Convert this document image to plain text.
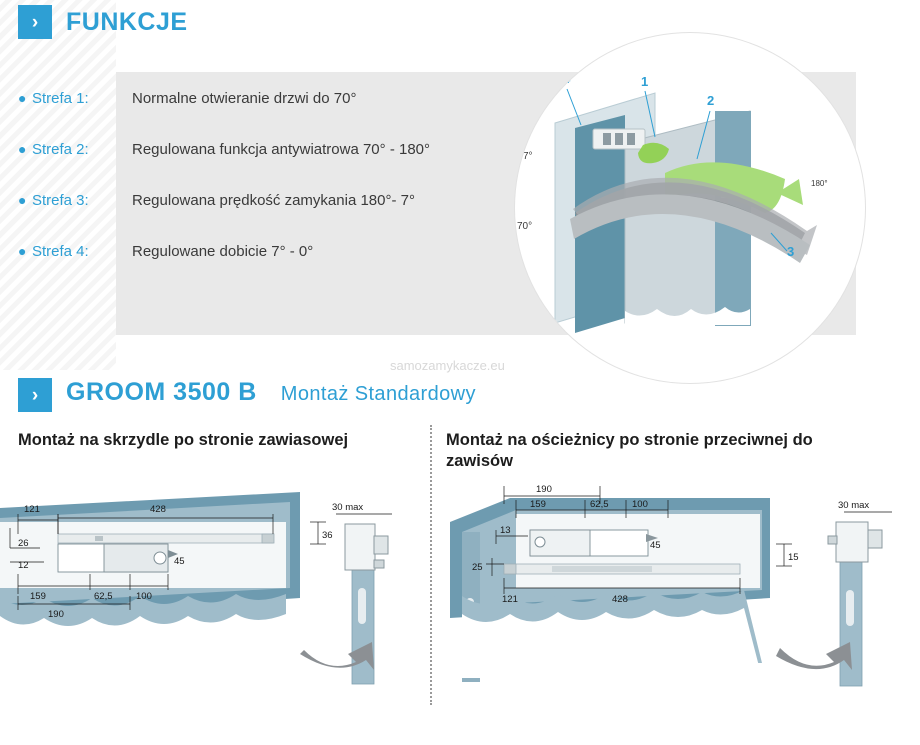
›	FUNKCJE
● Strefa 1:	Normalne otwieranie drzwi do 70°
● Strefa 2:	Regulowana funkcja antywiatrowa 70° - 180°
● Strefa 3:	Regulowana prędkość zamykania 180°- 7°
● Strefa 4:	Regulowane dobicie 7° - 0°
7°
70°
180°
1
2
3
samozamykacze.eu
›	GROOM 3500 B Montaż Standardowy
Montaż na skrzydle po stronie zawiasowej	Montaż na ościeżnicy po stronie przeciwnej do zawisów
121	428
26
12
159	62,5 100
190
45
36
30 max
190
159	62,5 100
13
25
121	428
45
15
30 max
